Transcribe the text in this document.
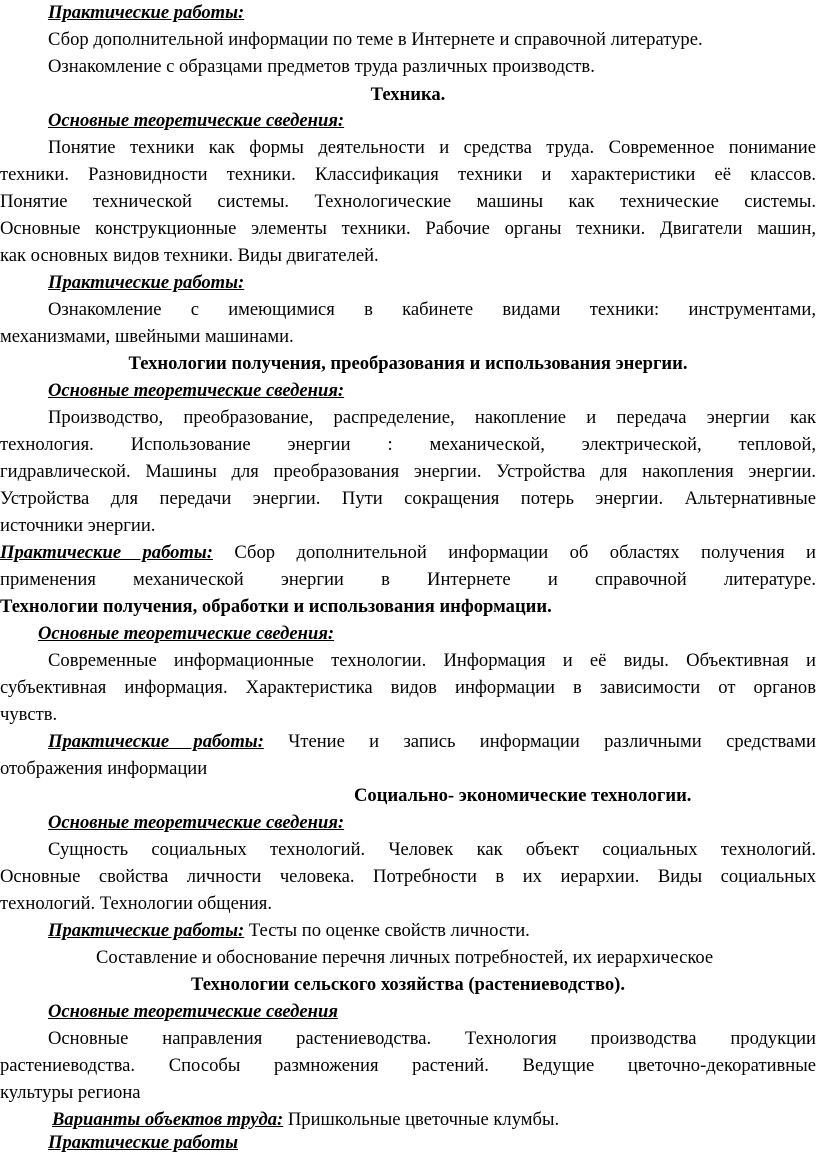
Практические работы:
Сбор дополнительной информации по теме в Интернете и справочной литературе.
Ознакомление с образцами предметов труда различных производств.
Техника.
Основные теоретические сведения:
Понятие техники как формы деятельности и средства труда. Современное понимание
техники. Разновидности техники. Классификация техники и характеристики её классов.
Понятие технической системы. Технологические машины как технические системы.
Основные конструкционные элементы техники. Рабочие органы техники. Двигатели машин,
как основных видов техники. Виды двигателей.
Практические работы:
Ознакомление с имеющимися в кабинете видами техники: инструментами,
механизмами, швейными машинами.
Технологии получения, преобразования и использования энергии.
Основные теоретические сведения:
Производство, преобразование, распределение, накопление и передача энергии как
технология. Использование энергии : механической, электрической, тепловой,
гидравлической. Машины для преобразования энергии. Устройства для накопления энергии.
Устройства для передачи энергии. Пути сокращения потерь энергии. Альтернативные
источники энергии.
Практические работы: Сбор дополнительной информации об областях получения и
применения механической энергии в Интернете и справочной литературе.
Технологии получения, обработки и использования информации.
Основные теоретические сведения:
Современные информационные технологии. Информация и её виды. Объективная и
субъективная информация. Характеристика видов информации в зависимости от органов
чувств.
Практические работы: Чтение и запись информации различными средствами
отображения информации
Социально- экономические технологии.
Основные теоретические сведения:
Сущность социальных технологий. Человек как объект социальных технологий.
Основные свойства личности человека. Потребности в их иерархии. Виды социальных
технологий. Технологии общения.
Практические работы: Тесты по оценке свойств личности.
Составление и обоснование перечня личных потребностей, их иерархическое
Технологии сельского хозяйства (растениеводство).
Основные теоретические сведения
Основные направления растениеводства. Технология производства продукции
растениеводства. Способы размножения растений. Ведущие цветочно-декоративные
культуры региона
Варианты объектов труда: Пришкольные цветочные клумбы.
Практические работы
